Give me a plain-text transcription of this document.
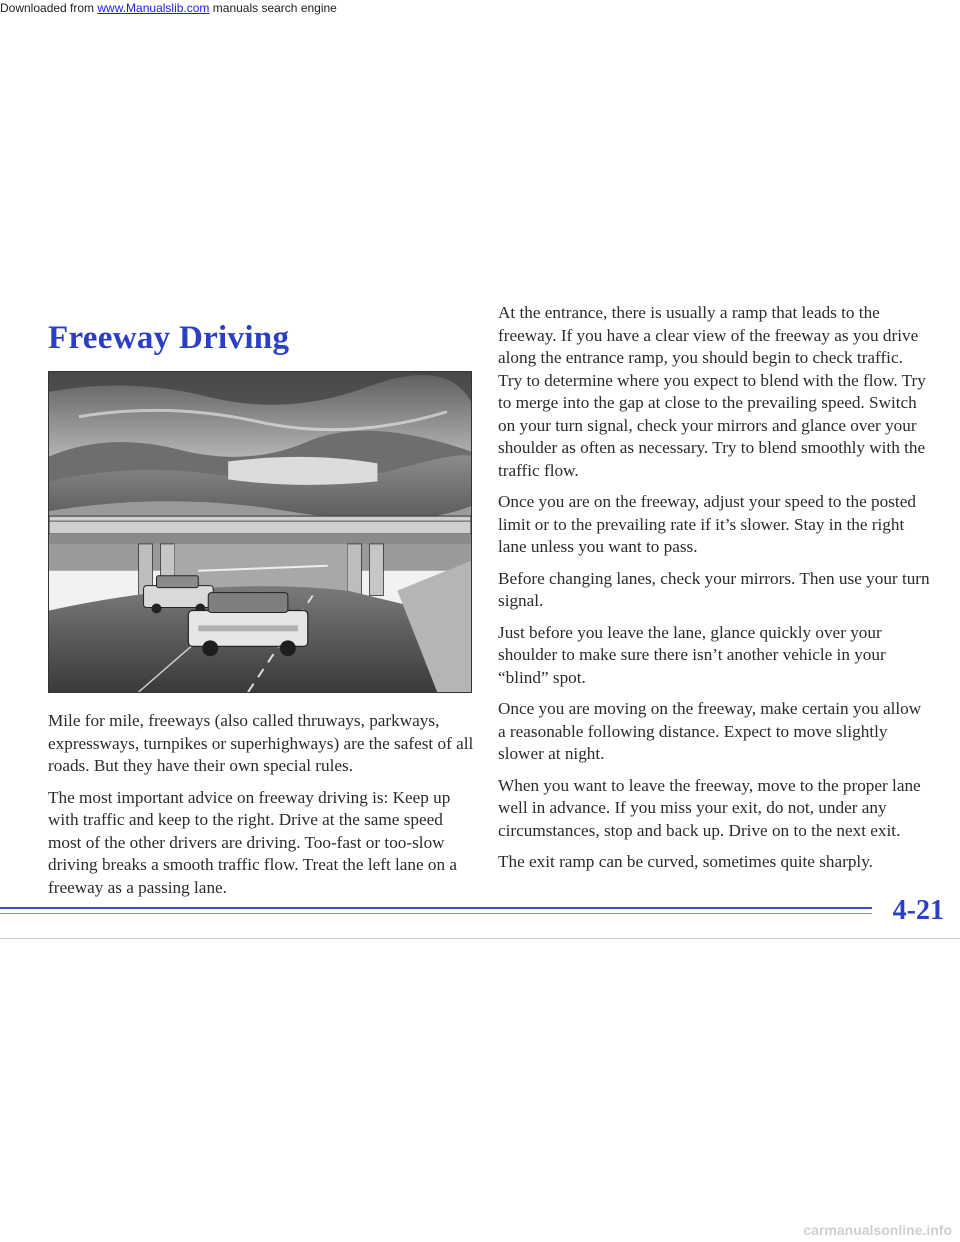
Downloaded from www.Manualslib.com manuals search engine
Freeway Driving

Mile for mile, freeways (also called thruways, parkways, expressways, turnpikes or superhighways) are the safest of all roads. But they have their own special rules.

The most important advice on freeway driving is: Keep up with traffic and keep to the right. Drive at the same speed most of the other drivers are driving. Too-fast or too-slow driving breaks a smooth traffic flow. Treat the left lane on a freeway as a passing lane.

At the entrance, there is usually a ramp that leads to the freeway. If you have a clear view of the freeway as you drive along the entrance ramp, you should begin to check traffic. Try to determine where you expect to blend with the flow. Try to merge into the gap at close to the prevailing speed. Switch on your turn signal, check your mirrors and glance over your shoulder as often as necessary. Try to blend smoothly with the traffic flow.

Once you are on the freeway, adjust your speed to the posted limit or to the prevailing rate if it’s slower. Stay in the right lane unless you want to pass.

Before changing lanes, check your mirrors. Then use your turn signal.

Just before you leave the lane, glance quickly over your shoulder to make sure there isn’t another vehicle in your “blind” spot.

Once you are moving on the freeway, make certain you allow a reasonable following distance. Expect to move slightly slower at night.

When you want to leave the freeway, move to the proper lane well in advance. If you miss your exit, do not, under any circumstances, stop and back up. Drive on to the next exit.

The exit ramp can be curved, sometimes quite sharply.

4-21
carmanualsonline.info
